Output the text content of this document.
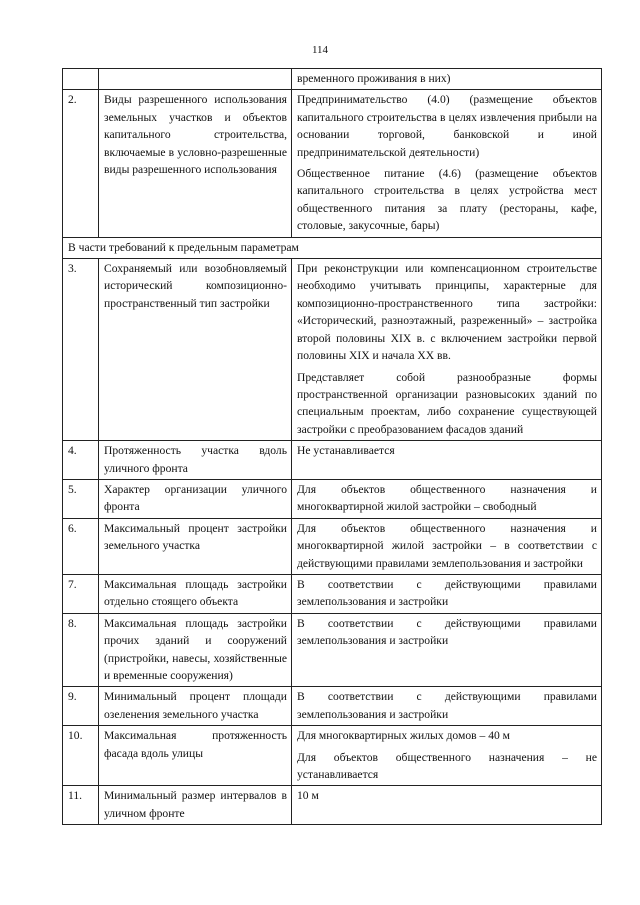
114

		временного проживания в них)

2.	Виды разрешенного использования земельных участков и объектов капитального строительства, включаемые в условно-разрешенные виды разрешенного использования	Предпринимательство (4.0) (размещение объектов капитального строительства в целях извлечения прибыли на основании торговой, банковской и иной предпринимательской деятельности)
Общественное питание (4.6) (размещение объектов капитального строительства в целях устройства мест общественного питания за плату (рестораны, кафе, столовые, закусочные, бары)

В части требований к предельным параметрам		
3.	Сохраняемый или возобновляемый исторический композиционно-пространственный тип застройки	При реконструкции или компенсационном строительстве необходимо учитывать принципы, характерные для композиционно-пространственного типа застройки: «Исторический, разноэтажный, разреженный» – застройка второй половины XIX в. с включением застройки первой половины XIX и начала XX вв.
Представляет собой разнообразные формы пространственной организации разновысоких зданий по специальным проектам, либо сохранение существующей застройки с преобразованием фасадов зданий

4.	Протяженность участка вдоль уличного фронта	Не устанавливается

5.	Характер организации уличного фронта	Для объектов общественного назначения и многоквартирной жилой застройки – свободный

6.	Максимальный процент застройки земельного участка	Для объектов общественного назначения и многоквартирной жилой застройки – в соответствии с действующими правилами землепользования и застройки

7.	Максимальная площадь застройки отдельно стоящего объекта	В соответствии с действующими правилами землепользования и застройки

8.	Максимальная площадь застройки прочих зданий и сооружений (пристройки, навесы, хозяйственные и временные сооружения)	В соответствии с действующими правилами землепользования и застройки

9.	Минимальный процент площади озеленения земельного участка	В соответствии с действующими правилами землепользования и застройки

10.	Максимальная протяженность фасада вдоль улицы	Для многоквартирных жилых домов – 40 м
Для объектов общественного назначения – не устанавливается

11.	Минимальный размер интервалов в уличном фронте	10 м
